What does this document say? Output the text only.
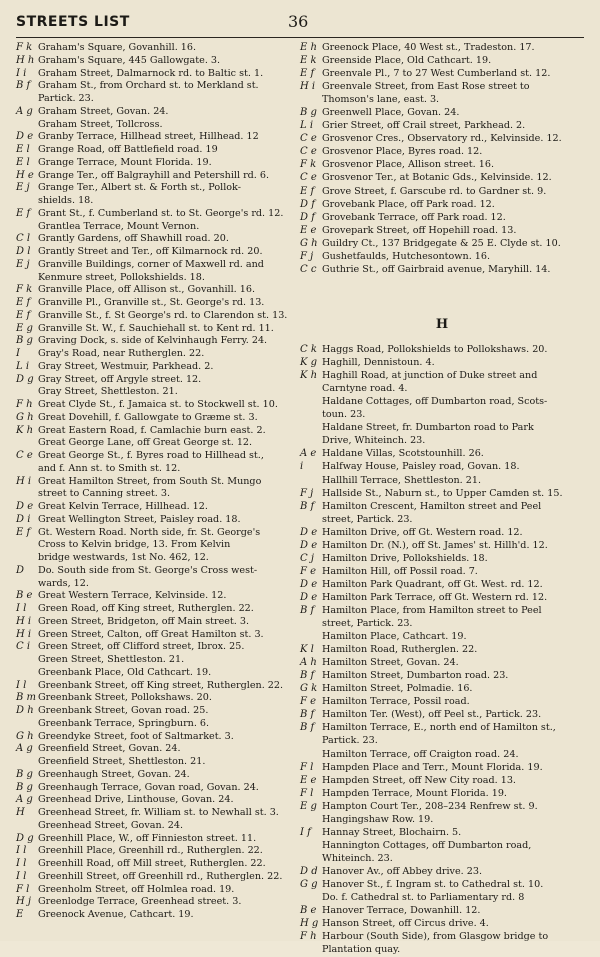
STREETS LIST	36
F k Graham's Square, Govanhill. 16.
H h Graham's Square, 445 Gallowgate. 3.
I i	Graham Street, Dalmarnock rd. to Baltic st. 1.
B f Graham St., from Orchard st. to Merkland st.
Partick. 23.
A g Graham Street, Govan. 24.
Graham Street, Tollcross.
D e Granby Terrace, Hillhead street, Hillhead. 12
E l Grange Road, off Battlefield road. 19
E l Grange Terrace, Mount Florida. 19.
H e Grange Ter., off Balgrayhill and Petershill rd. 6.
E j Grange Ter., Albert st. & Forth st., Pollok-
shields. 18.
E f Grant St., f. Cumberland st. to St. George's rd. 12.
Grantlea Terrace, Mount Vernon.
C l Grantly Gardens, off Shawhill road. 20.
D l Grantly Street and Ter., off Kilmarnock rd. 20.
E j Granville Buildings, corner of Maxwell rd. and
Kenmure street, Pollokshields. 18.
F k Granville Place, off Allison st., Govanhill. 16.
E f Granville Pl., Granville st., St. George's rd. 13.
E f Granville St., f. St George's rd. to Clarendon st. 13.
E g Granville St. W., f. Sauchiehall st. to Kent rd. 11.
B g Graving Dock, s. side of Kelvinhaugh Ferry. 24.
I	Gray's Road, near Rutherglen. 22.
L i Gray Street, Westmuir, Parkhead. 2.
D g Gray Street, off Argyle street. 12.
Gray Street, Shettleston. 21.
F h Great Clyde St., f. Jamaica st. to Stockwell st. 10.
G h Great Dovehill, f. Gallowgate to Græme st. 3.
K h Great Eastern Road, f. Camlachie burn east. 2.
Great George Lane, off Great George st. 12.
C e Great George St., f. Byres road to Hillhead st.,
and f. Ann st. to Smith st. 12.
H i Great Hamilton Street, from South St. Mungo
street to Canning street. 3.
D e Great Kelvin Terrace, Hillhead. 12.
D i Great Wellington Street, Paisley road. 18.
E f Gt. Western Road. North side, fr. St. George's
Cross to Kelvin bridge, 13. From Kelvin
bridge westwards, 1st No. 462, 12.
D	Do. South side from St. George's Cross west-
wards, 12.
B e Great Western Terrace, Kelvinside. 12.
I l	Green Road, off King street, Rutherglen. 22.
H i Green Street, Bridgeton, off Main street. 3.
H i Green Street, Calton, off Great Hamilton st. 3.
C i Green Street, off Clifford street, Ibrox. 25.
Green Street, Shettleston. 21.
Greenbank Place, Old Cathcart. 19.
I l	Greenbank Street, off King street, Rutherglen. 22.
B m Greenbank Street, Pollokshaws. 20.
D h Greenbank Street, Govan road. 25.
Greenbank Terrace, Springburn. 6.
G h Greendyke Street, foot of Saltmarket. 3.
A g Greenfield Street, Govan. 24.
Greenfield Street, Shettleston. 21.
B g Greenhaugh Street, Govan. 24.
B g Greenhaugh Terrace, Govan road, Govan. 24.
A g Greenhead Drive, Linthouse, Govan. 24.
H	Greenhead Street, fr. William st. to Newhall st. 3.
Greenhead Street, Govan. 24.
D g Greenhill Place, W., off Finnieston street. 11.
I l	Greenhill Place, Greenhill rd., Rutherglen. 22.
I l	Greenhill Road, off Mill street, Rutherglen. 22.
I l	Greenhill Street, off Greenhill rd., Rutherglen. 22.
F l Greenholm Street, off Holmlea road. 19.
H j Greenlodge Terrace, Greenhead street. 3.
E	Greenock Avenue, Cathcart. 19.
E h Greenock Place, 40 West st., Tradeston. 17.
E k Greenside Place, Old Cathcart. 19.
E f Greenvale Pl., 7 to 27 West Cumberland st. 12.
H i Greenvale Street, from East Rose street to
Thomson's lane, east. 3.
B g Greenwell Place, Govan. 24.
L i Grier Street, off Crail street, Parkhead. 2.
C e Grosvenor Cres., Observatory rd., Kelvinside. 12.
C e Grosvenor Place, Byres road. 12.
F k Grosvenor Place, Allison street. 16.
C e Grosvenor Ter., at Botanic Gds., Kelvinside. 12.
E f Grove Street, f. Garscube rd. to Gardner st. 9.
D f Grovebank Place, off Park road. 12.
D f Grovebank Terrace, off Park road. 12.
E e Grovepark Street, off Hopehill road. 13.
G h Guildry Ct., 137 Bridgegate & 25 E. Clyde st. 10.
F j Gushetfaulds, Hutchesontown. 16.
C c Guthrie St., off Gairbraid avenue, Maryhill. 14.
H
C k Haggs Road, Pollokshields to Pollokshaws. 20.
K g Haghill, Dennistoun. 4.
K h Haghill Road, at junction of Duke street and
Carntyne road. 4.
Haldane Cottages, off Dumbarton road, Scots-
toun. 23.
Haldane Street, fr. Dumbarton road to Park
Drive, Whiteinch. 23.
A e Haldane Villas, Scotstounhill. 26.
i	Halfway House, Paisley road, Govan. 18.
Hallhill Terrace, Shettleston. 21.
F j Hallside St., Naburn st., to Upper Camden st. 15.
B f Hamilton Crescent, Hamilton street and Peel
street, Partick. 23.
D e Hamilton Drive, off Gt. Western road. 12.
D e Hamilton Dr. (N.), off St. James' st. Hillh'd. 12.
C j Hamilton Drive, Pollokshields. 18.
F e Hamilton Hill, off Possil road. 7.
D e Hamilton Park Quadrant, off Gt. West. rd. 12.
D e Hamilton Park Terrace, off Gt. Western rd. 12.
B f Hamilton Place, from Hamilton street to Peel
street, Partick. 23.
Hamilton Place, Cathcart. 19.
K l Hamilton Road, Rutherglen. 22.
A h Hamilton Street, Govan. 24.
B f Hamilton Street, Dumbarton road. 23.
G k Hamilton Street, Polmadie. 16.
F e Hamilton Terrace, Possil road.
B f Hamilton Ter. (West), off Peel st., Partick. 23.
B f Hamilton Terrace, E., north end of Hamilton st.,
Partick. 23.
Hamilton Terrace, off Craigton road. 24.
F l Hampden Place and Terr., Mount Florida. 19.
E e Hampden Street, off New City road. 13.
F l Hampden Terrace, Mount Florida. 19.
E g Hampton Court Ter., 208–234 Renfrew st. 9.
Hangingshaw Row. 19.
I f	Hannay Street, Blochairn. 5.
Hannington Cottages, off Dumbarton road,
Whiteinch. 23.
D d Hanover Av., off Abbey drive. 23.
G g Hanover St., f. Ingram st. to Cathedral st. 10.
Do. f. Cathedral st. to Parliamentary rd. 8
B e Hanover Terrace, Dowanhill. 12.
H g Hanson Street, off Circus drive. 4.
F h Harbour (South Side), from Glasgow bridge to
Plantation quay.
